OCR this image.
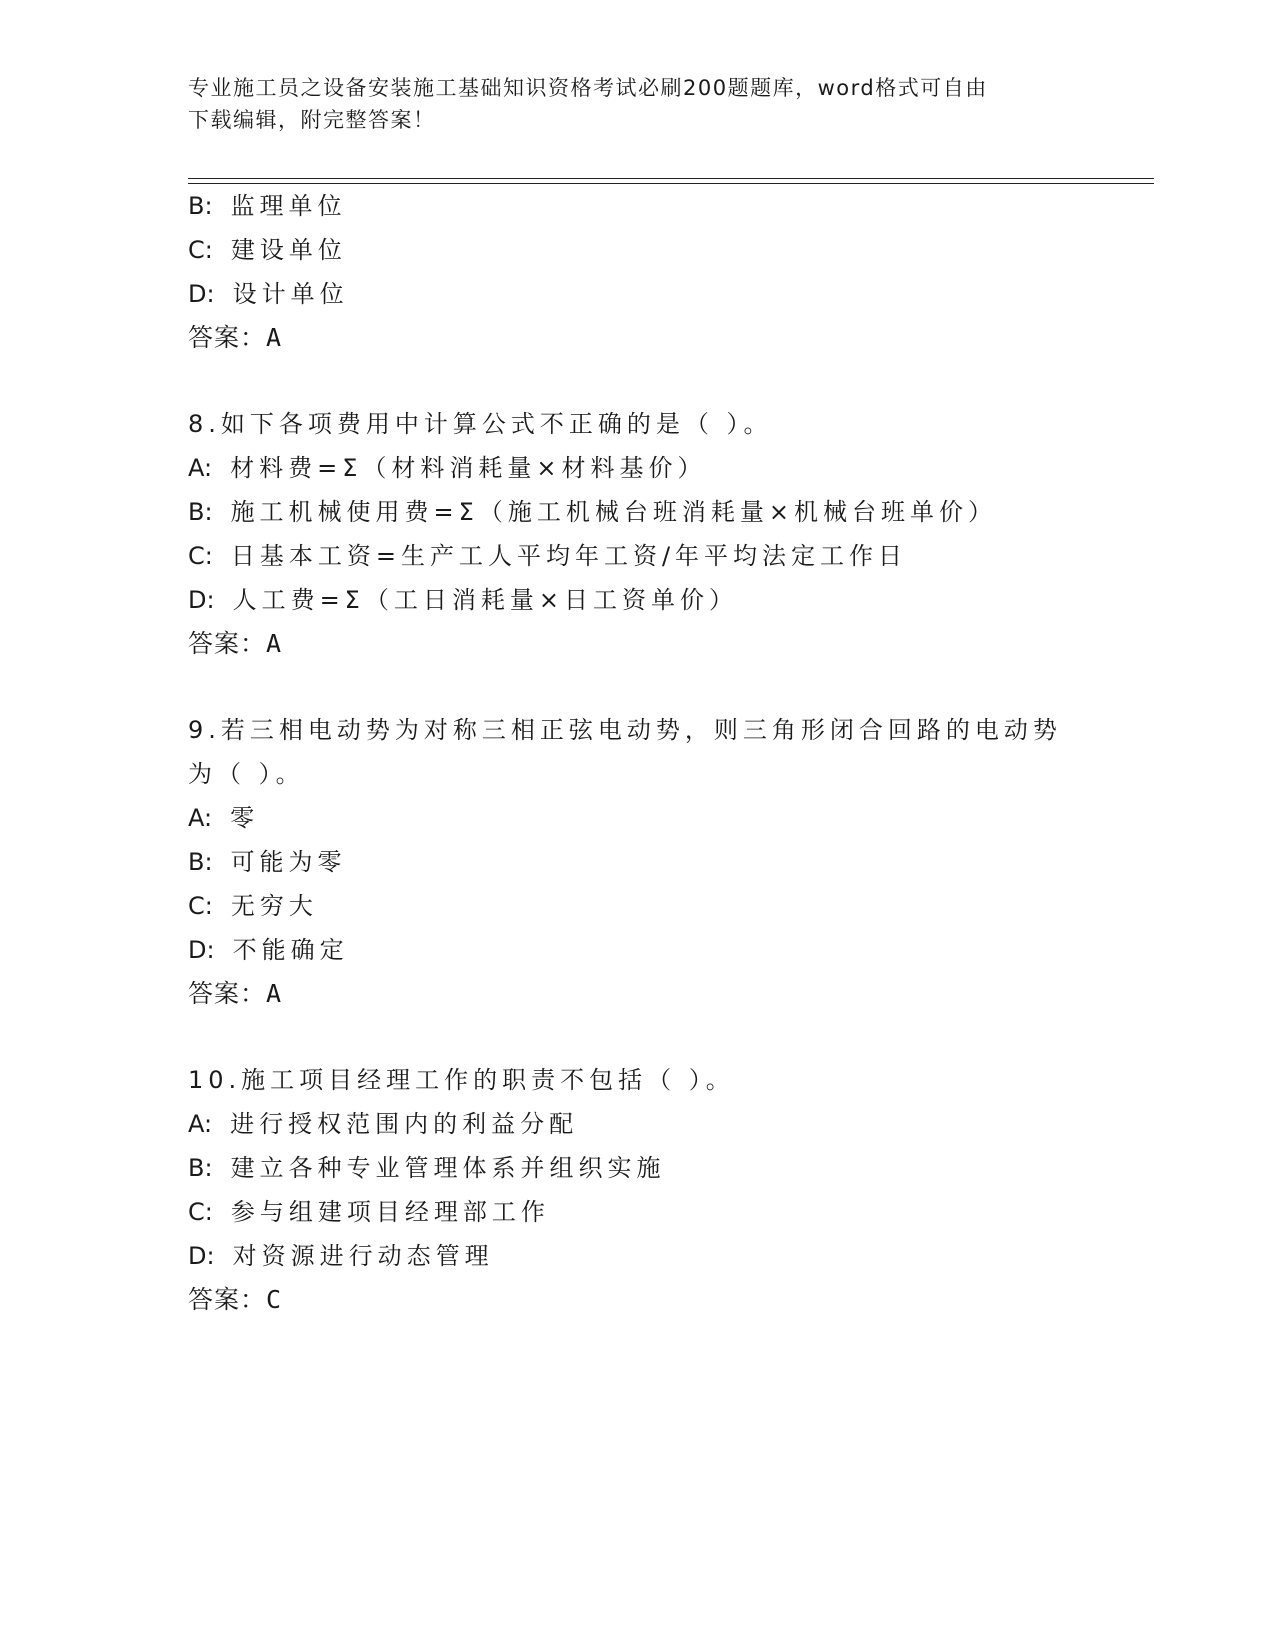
专业施工员之设备安装施工基础知识资格考试必刷200题题库，word格式可自由
下载编辑，附完整答案！
B: 监理单位
C: 建设单位
D: 设计单位
答案：A
8.如下各项费用中计算公式不正确的是（ ）。
A: 材料费=Σ（材料消耗量×材料基价）
B: 施工机械使用费=Σ（施工机械台班消耗量×机械台班单价）
C: 日基本工资=生产工人平均年工资/年平均法定工作日
D: 人工费=Σ（工日消耗量×日工资单价）
答案：A
9.若三相电动势为对称三相正弦电动势，则三角形闭合回路的电动势
为（ ）。
A: 零
B: 可能为零
C: 无穷大
D: 不能确定
答案：A
10.施工项目经理工作的职责不包括（ ）。
A: 进行授权范围内的利益分配
B: 建立各种专业管理体系并组织实施
C: 参与组建项目经理部工作
D: 对资源进行动态管理
答案：C
